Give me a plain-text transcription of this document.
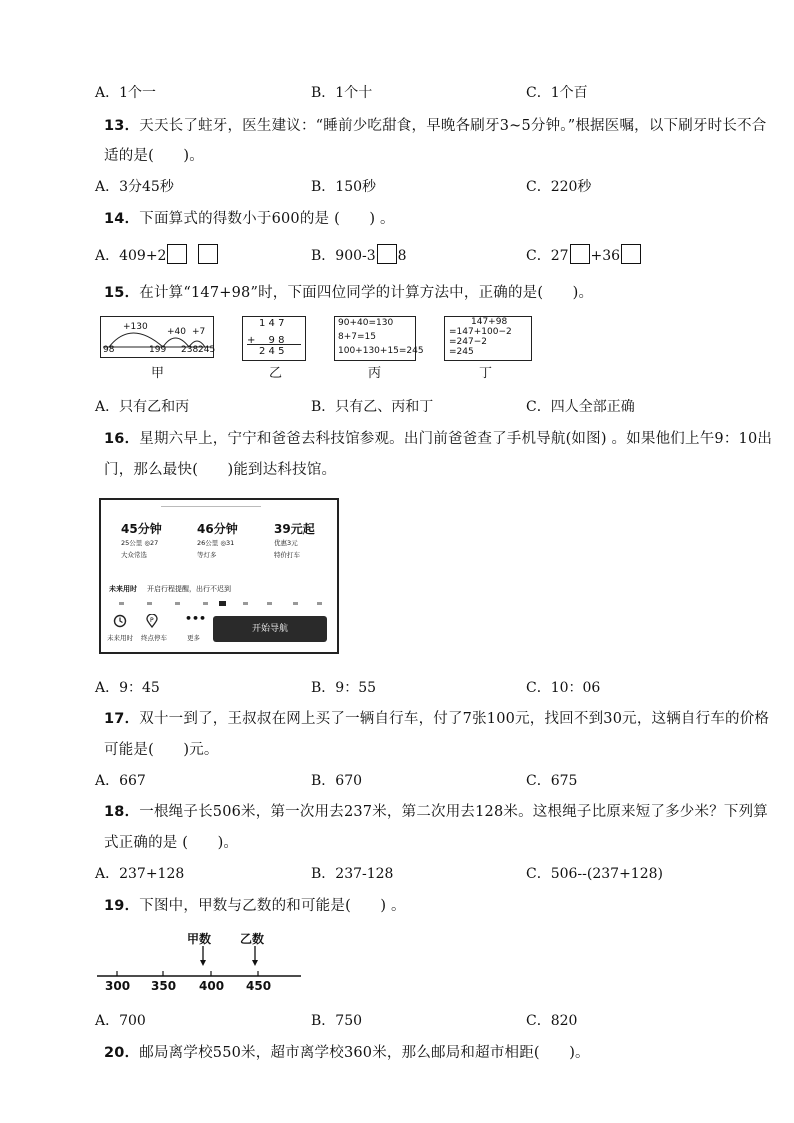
A．1个一	B．1个十	C．1个百
13．天天长了蛀牙，医生建议：“睡前少吃甜食，早晚各刷牙3~5分钟。”根据医嘱，以下刷牙时长不合
适的是(　　)。
A．3分45秒	B．150秒	C．220秒
14．下面算式的得数小于600的是 (　　) 。
A．409+2	B．900-3 8	C．27 +36
15．在计算“147+98”时，下面四位同学的计算方法中，正确的是(　　)。
+130 +40 +7
98	199 238 245
甲
1 4 7
+ 　9 8
2 4 5
乙
90+40=130
8+7=15
100+130+15=245
丙
147+98
=147+100−2
=247−2
=245
丁
A．只有乙和丙	B．只有乙、丙和丁	C．四人全部正确
16．星期六早上，宁宁和爸爸去科技馆参观。出门前爸爸查了手机导航(如图) 。如果他们上午9：10出
门，那么最快(　　)能到达科技馆。
45分钟
25公里 ◎27
大众常选
46分钟
26公里 ◎31
等灯多
39元起
优惠3元
特价打车
未来用时 开启行程提醒，出行不迟到
P	•••
未来用时 终点停车	更多
开始导航
A．9：45	B．9：55	C．10：06
17．双十一到了，王叔叔在网上买了一辆自行车，付了7张100元，找回不到30元，这辆自行车的价格
可能是(　　)元。
A．667	B．670	C．675
18．一根绳子长506米，第一次用去237米，第二次用去128米。这根绳子比原来短了多少米？下列算
式正确的是 (　　)。
A．237+128	B．237-128	C．506--(237+128)
19．下图中，甲数与乙数的和可能是(　　) 。
甲数 乙数
300 350 400 450
A．700	B．750	C．820
20．邮局离学校550米，超市离学校360米，那么邮局和超市相距(　　)。
